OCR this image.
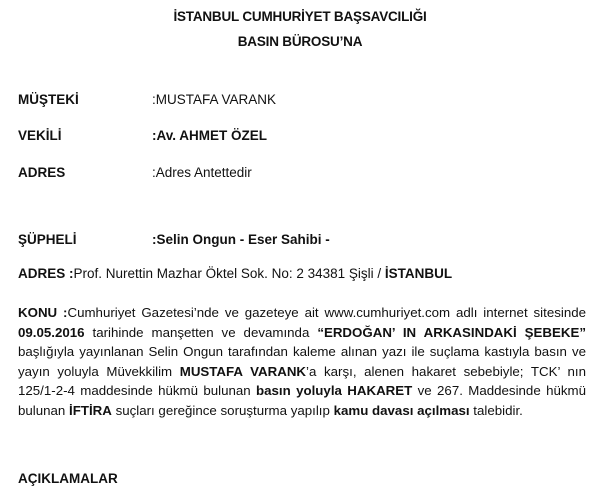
İSTANBUL CUMHURİYET BAŞSAVCILIĞI
BASIN BÜROSU’NA
MÜŞTEKİ	:MUSTAFA VARANK
VEKİLİ	:Av. AHMET ÖZEL
ADRES	:Adres Antettedir
ŞÜPHELİ	:Selin Ongun - Eser Sahibi -
ADRES :Prof. Nurettin Mazhar Öktel Sok. No: 2 34381 Şişli / İSTANBUL
KONU :Cumhuriyet Gazetesi’nde ve gazeteye ait www.cumhuriyet.com adlı internet sitesinde 09.05.2016 tarihinde manşetten ve devamında “ERDOĞAN’ IN ARKASINDAKİ ŞEBEKE” başlığıyla yayınlanan Selin Ongun tarafından kaleme alınan yazı ile suçlama kastıyla basın ve yayın yoluyla Müvekkilim MUSTAFA VARANK’a karşı, alenen hakaret sebebiyle; TCK’ nın 125/1-2-4 maddesinde hükmü bulunan basın yoluyla HAKARET ve 267. Maddesinde hükmü bulunan İFTİRA suçları gereğince soruşturma yapılıp kamu davası açılması talebidir.
AÇIKLAMALAR
